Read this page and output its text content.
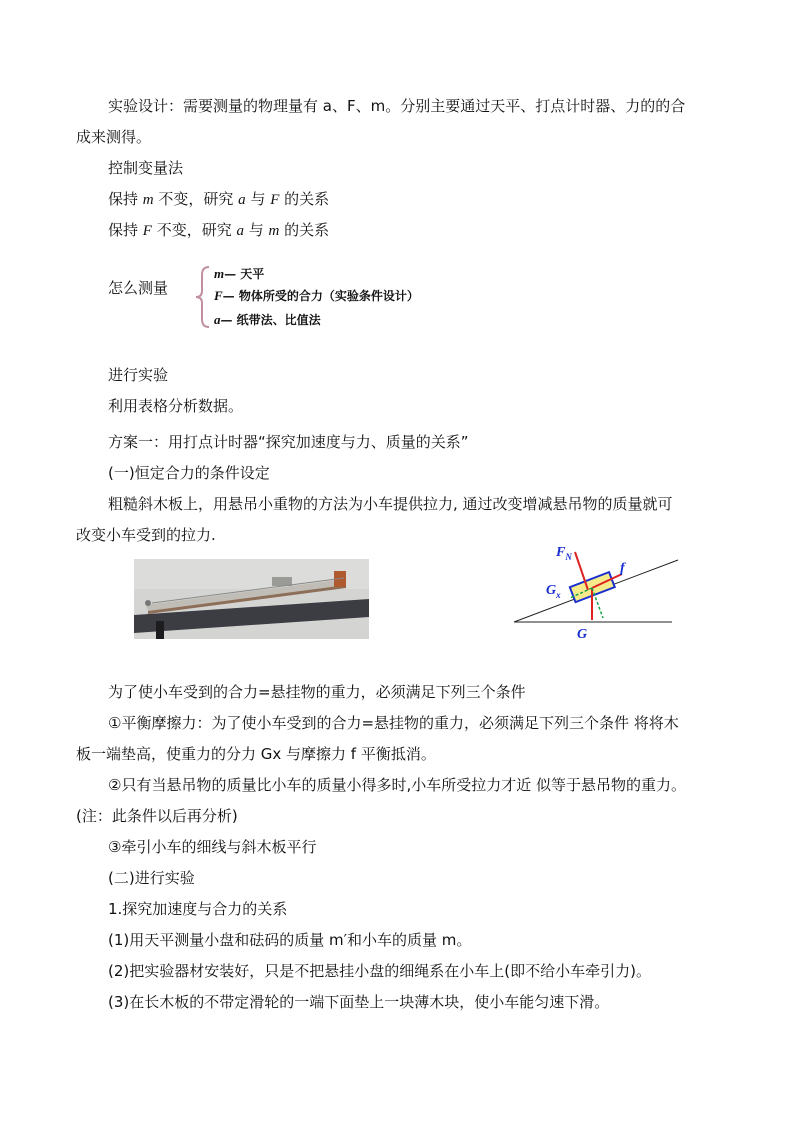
实验设计：需要测量的物理量有 a、F、m。分别主要通过天平、打点计时器、力的的合
成来测得。
控制变量法
保持 m 不变，研究 a 与 F 的关系
保持 F 不变，研究 a 与 m 的关系
怎么测量
m— 天平
F— 物体所受的合力（实验条件设计）
a— 纸带法、比值法
进行实验
利用表格分析数据。
方案一：用打点计时器“探究加速度与力、质量的关系”
(一)恒定合力的条件设定
粗糙斜木板上，用悬吊小重物的方法为小车提供拉力, 通过改变增减悬吊物的质量就可
改变小车受到的拉力.
$F_N$
f
$G_x$
G
为了使小车受到的合力=悬挂物的重力，必须满足下列三个条件
①平衡摩擦力：为了使小车受到的合力=悬挂物的重力，必须满足下列三个条件 将将木
板一端垫高，使重力的分力 Gx 与摩擦力 f 平衡抵消。
②只有当悬吊物的质量比小车的质量小得多时,小车所受拉力才近 似等于悬吊物的重力。
(注：此条件以后再分析)
③牵引小车的细线与斜木板平行
(二)进行实验
1.探究加速度与合力的关系
(1)用天平测量小盘和砝码的质量 m′和小车的质量 m。
(2)把实验器材安装好，只是不把悬挂小盘的细绳系在小车上(即不给小车牵引力)。
(3)在长木板的不带定滑轮的一端下面垫上一块薄木块，使小车能匀速下滑。
